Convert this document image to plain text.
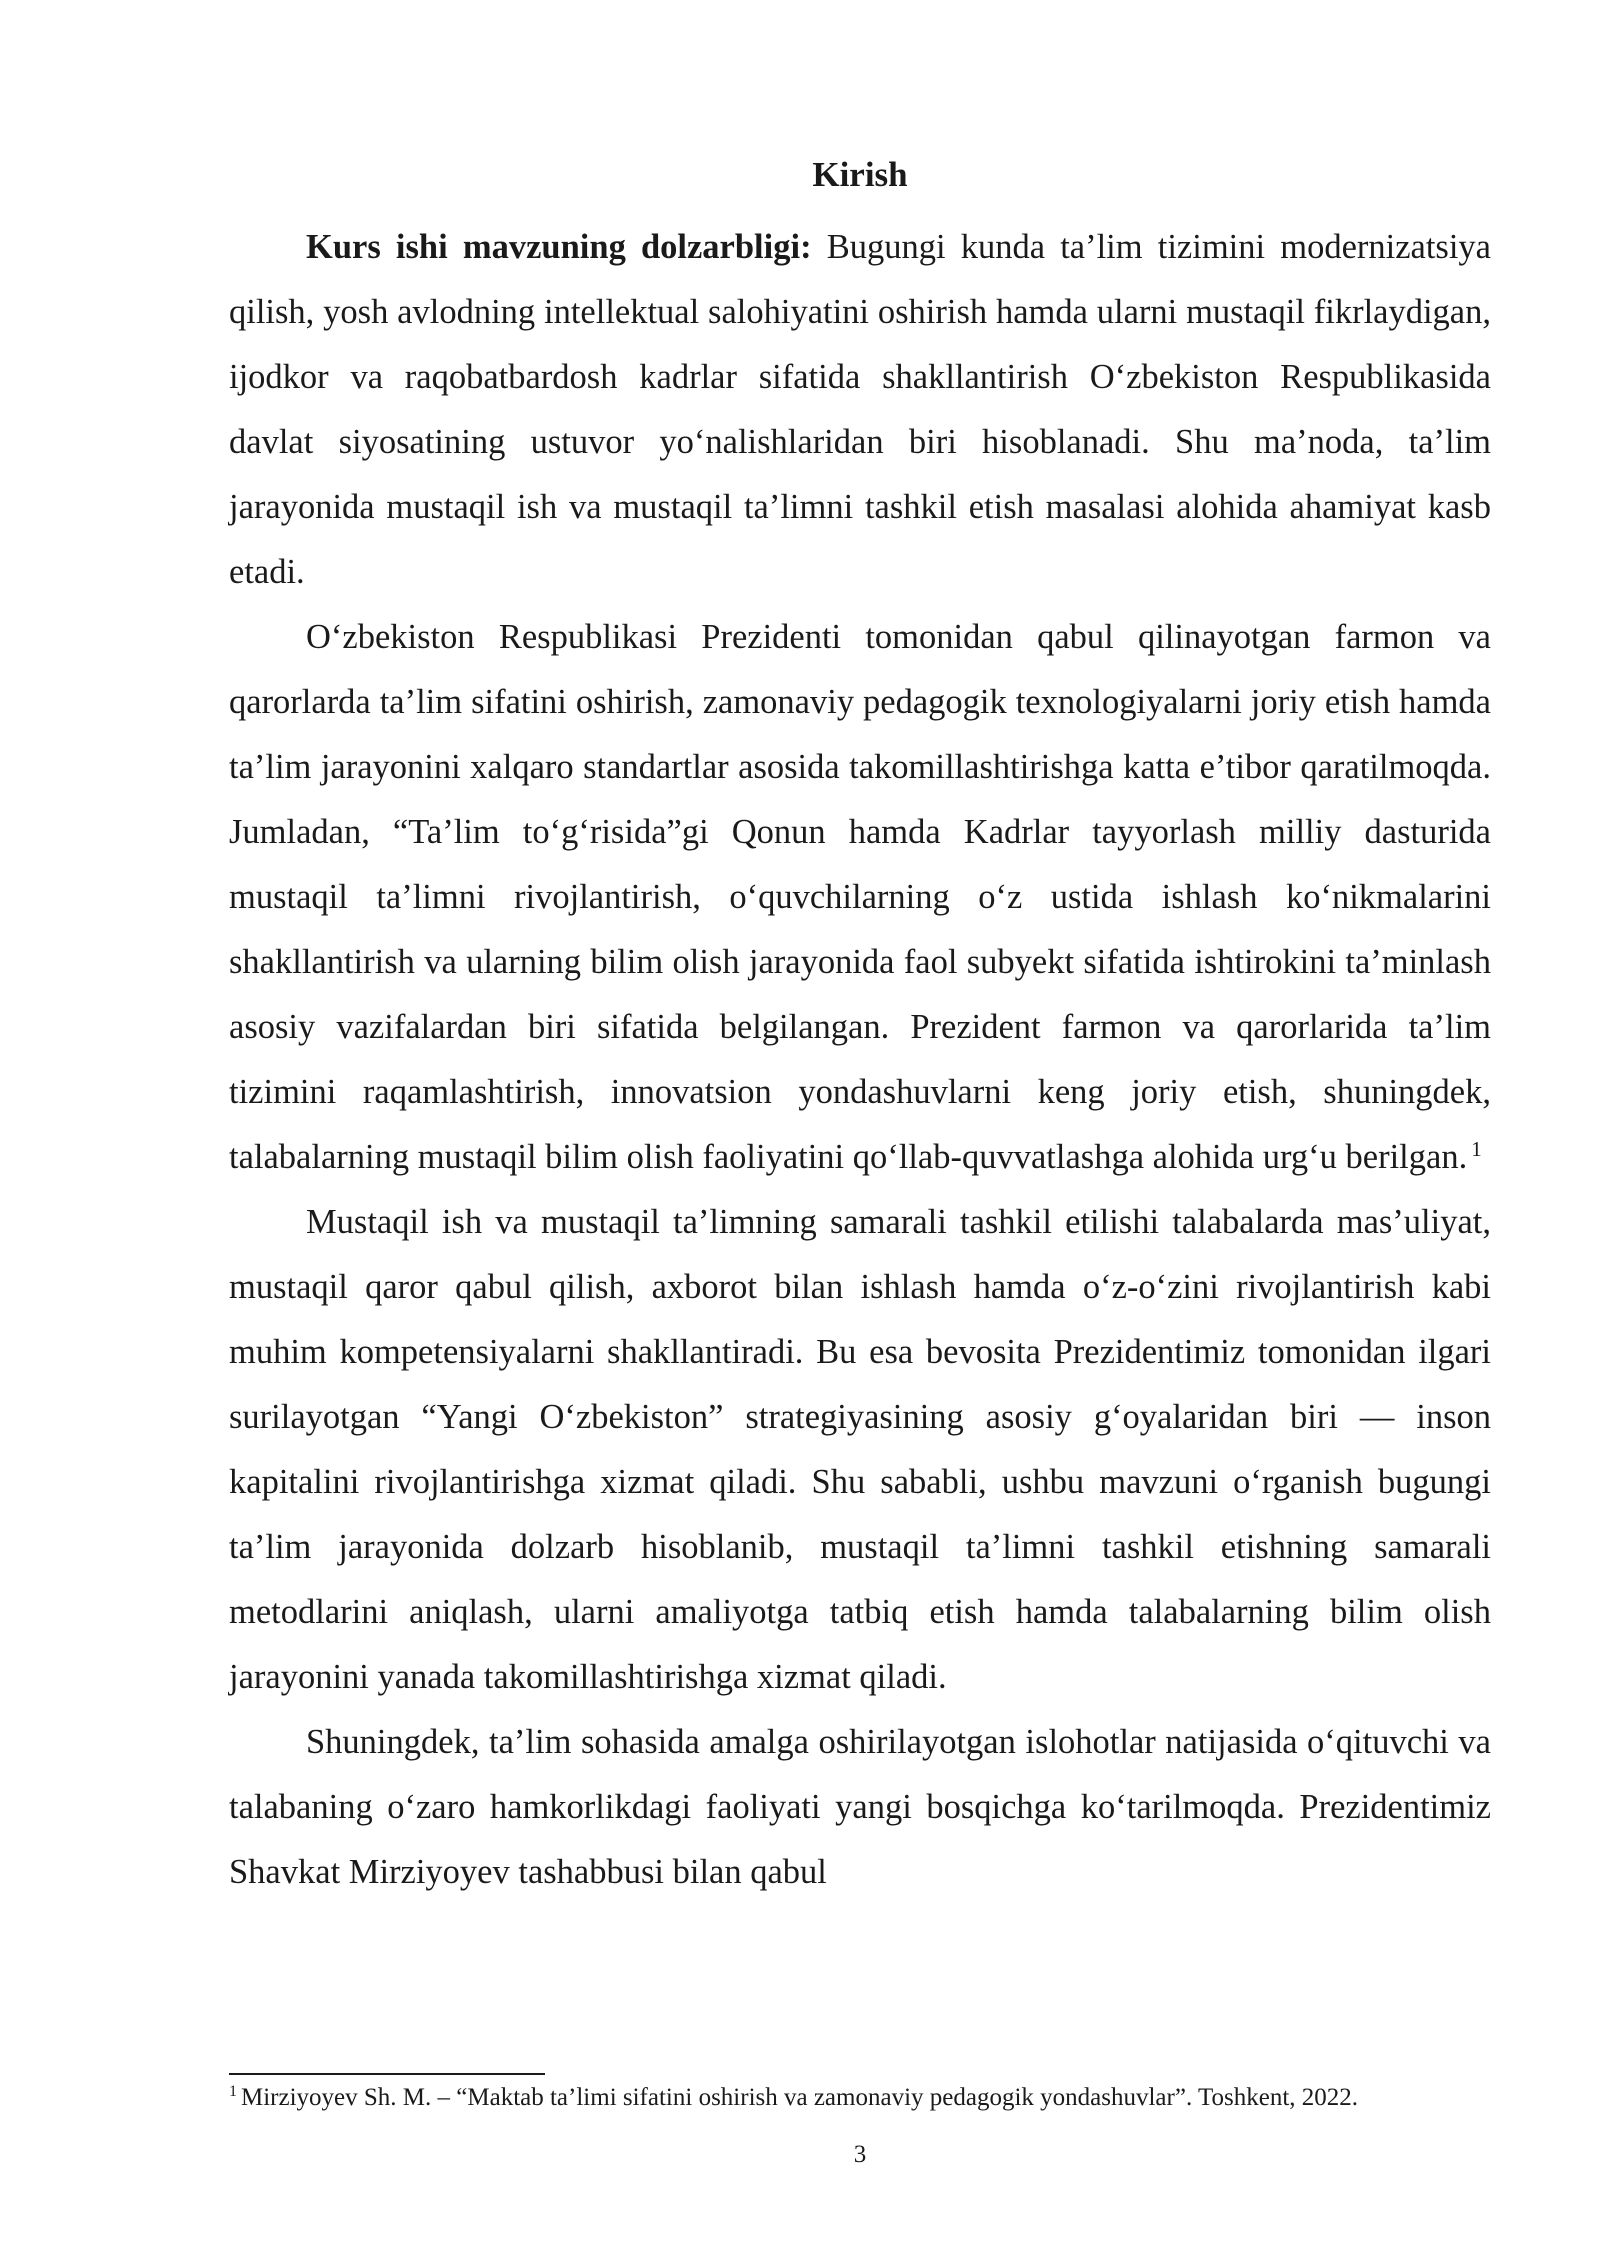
Kirish

Kurs ishi mavzuning dolzarbligi: Bugungi kunda ta’lim tizimini modernizatsiya qilish, yosh avlodning intellektual salohiyatini oshirish hamda ularni mustaqil fikrlaydigan, ijodkor va raqobatbardosh kadrlar sifatida shakllantirish O‘zbekiston Respublikasida davlat siyosatining ustuvor yo‘nalishlaridan biri hisoblanadi. Shu ma’noda, ta’lim jarayonida mustaqil ish va mustaqil ta’limni tashkil etish masalasi alohida ahamiyat kasb etadi.

O‘zbekiston Respublikasi Prezidenti tomonidan qabul qilinayotgan farmon va qarorlarda ta’lim sifatini oshirish, zamonaviy pedagogik texnologiyalarni joriy etish hamda ta’lim jarayonini xalqaro standartlar asosida takomillashtirishga katta e’tibor qaratilmoqda. Jumladan, “Ta’lim to‘g‘risida”gi Qonun hamda Kadrlar tayyorlash milliy dasturida mustaqil ta’limni rivojlantirish, o‘quvchilarning o‘z ustida ishlash ko‘nikmalarini shakllantirish va ularning bilim olish jarayonida faol subyekt sifatida ishtirokini ta’minlash asosiy vazifalardan biri sifatida belgilangan. Prezident farmon va qarorlarida ta’lim tizimini raqamlashtirish, innovatsion yondashuvlarni keng joriy etish, shuningdek, talabalarning mustaqil bilim olish faoliyatini qo‘llab-quvvatlashga alohida urg‘u berilgan. $^1$

Mustaqil ish va mustaqil ta’limning samarali tashkil etilishi talabalarda mas’uliyat, mustaqil qaror qabul qilish, axborot bilan ishlash hamda o‘z-o‘zini rivojlantirish kabi muhim kompetensiyalarni shakllantiradi. Bu esa bevosita Prezidentimiz tomonidan ilgari surilayotgan “Yangi O‘zbekiston” strategiyasining asosiy g‘oyalaridan biri — inson kapitalini rivojlantirishga xizmat qiladi. Shu sababli, ushbu mavzuni o‘rganish bugungi ta’lim jarayonida dolzarb hisoblanib, mustaqil ta’limni tashkil etishning samarali metodlarini aniqlash, ularni amaliyotga tatbiq etish hamda talabalarning bilim olish jarayonini yanada takomillashtirishga xizmat qiladi.

Shuningdek, ta’lim sohasida amalga oshirilayotgan islohotlar natijasida o‘qituvchi va talabaning o‘zaro hamkorlikdagi faoliyati yangi bosqichga ko‘tarilmoqda. Prezidentimiz Shavkat Mirziyoyev tashabbusi bilan qabul

$^1$ Mirziyoyev Sh. M. – “Maktab ta’limi sifatini oshirish va zamonaviy pedagogik yondashuvlar”. Toshkent, 2022.
3
